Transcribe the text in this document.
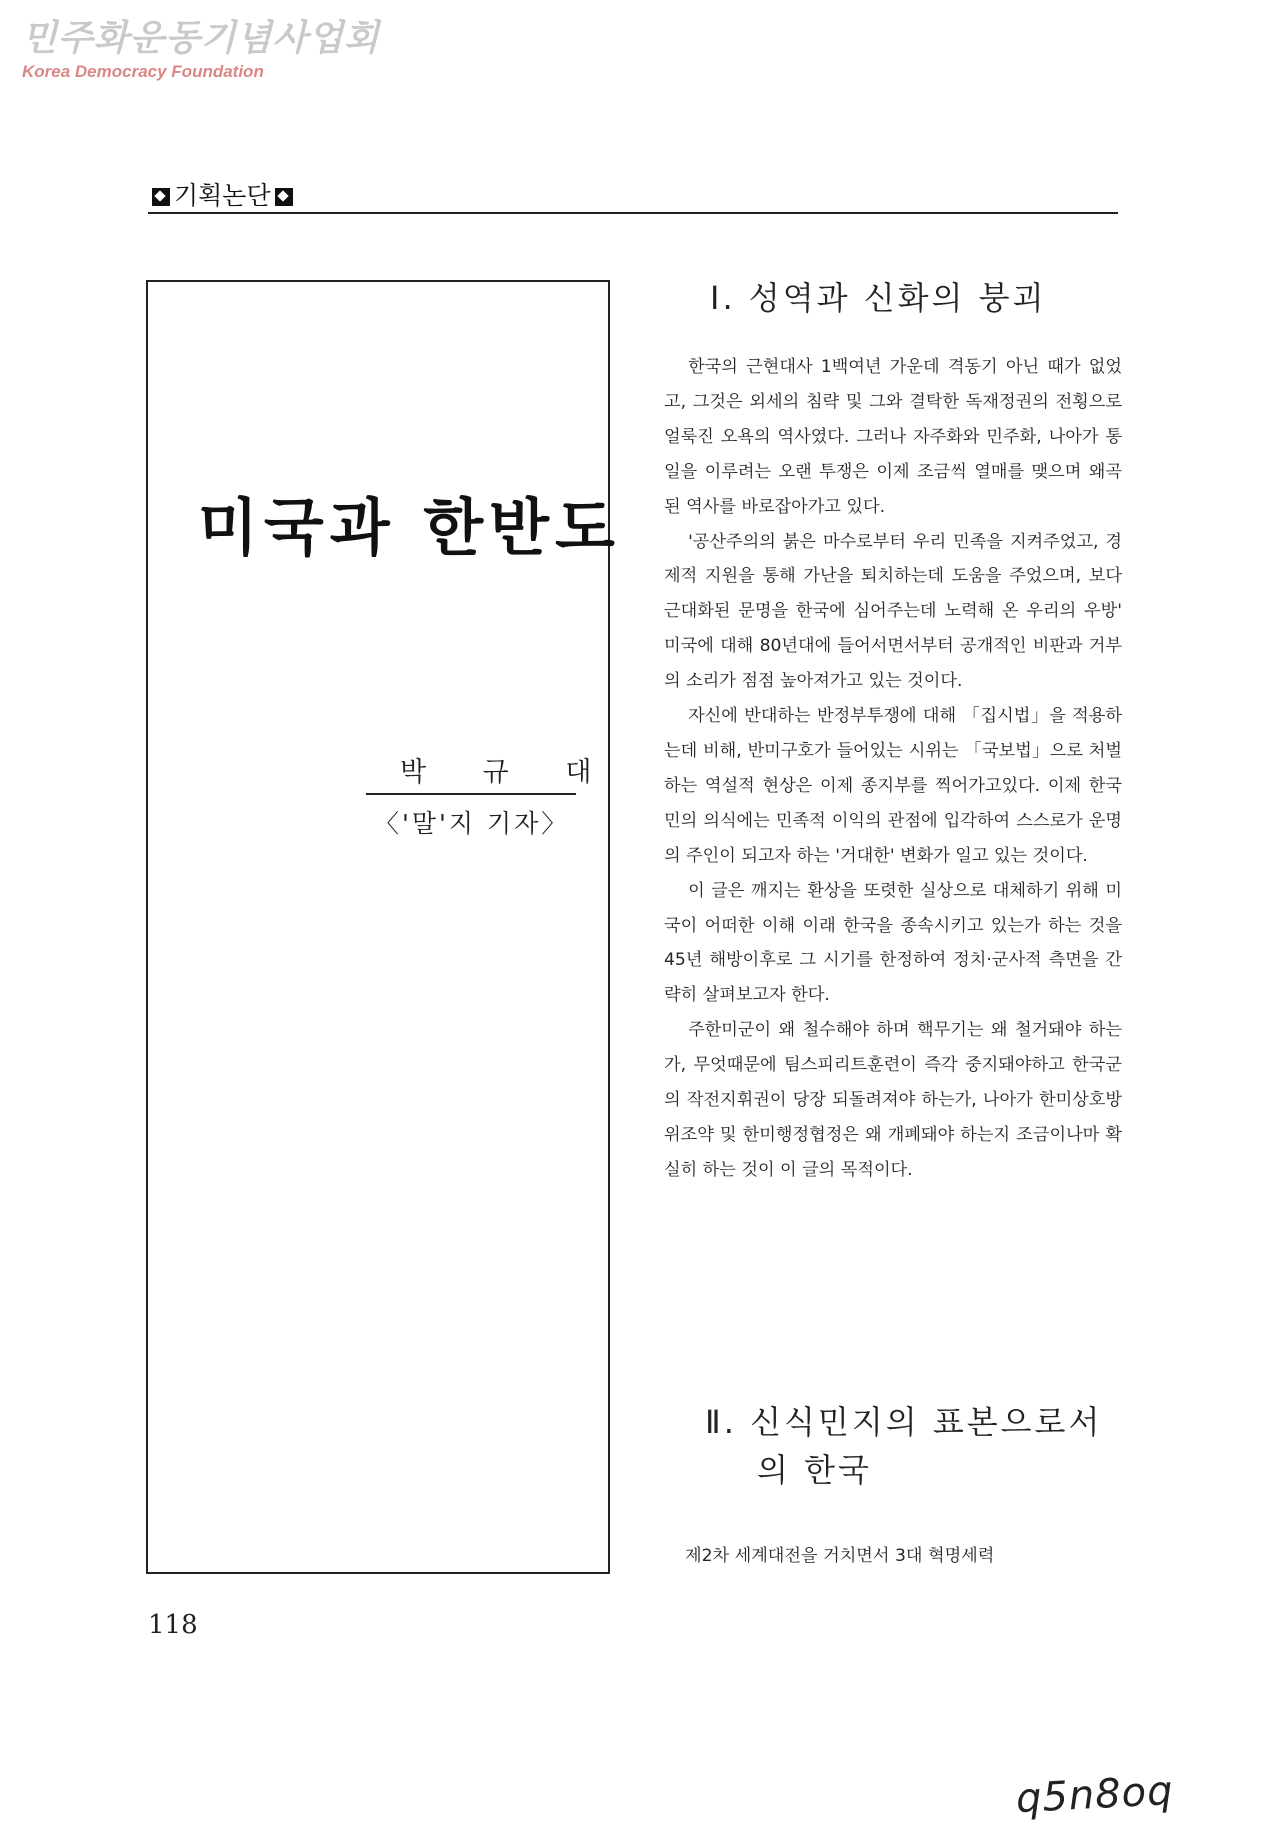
민주화운동기념사업회
Korea Democracy Foundation
기획논단
미국과 한반도
박 규 대
〈'말'지 기자〉
Ⅰ. 성역과 신화의 붕괴

한국의 근현대사 1백여년 가운데 격동기 아닌 때가 없었고, 그것은 외세의 침략 및 그와 결탁한 독재정권의 전횡으로 얼룩진 오욕의 역사였다. 그러나 자주화와 민주화, 나아가 통일을 이루려는 오랜 투쟁은 이제 조금씩 열매를 맺으며 왜곡된 역사를 바로잡아가고 있다.

'공산주의의 붉은 마수로부터 우리 민족을 지켜주었고, 경제적 지원을 통해 가난을 퇴치하는데 도움을 주었으며, 보다 근대화된 문명을 한국에 심어주는데 노력해 온 우리의 우방' 미국에 대해 80년대에 들어서면서부터 공개적인 비판과 거부의 소리가 점점 높아져가고 있는 것이다.

자신에 반대하는 반정부투쟁에 대해 「집시법」을 적용하는데 비해, 반미구호가 들어있는 시위는 「국보법」으로 처벌하는 역설적 현상은 이제 종지부를 찍어가고있다. 이제 한국민의 의식에는 민족적 이익의 관점에 입각하여 스스로가 운명의 주인이 되고자 하는 '거대한' 변화가 일고 있는 것이다.

이 글은 깨지는 환상을 또렷한 실상으로 대체하기 위해 미국이 어떠한 이해 이래 한국을 종속시키고 있는가 하는 것을 45년 해방이후로 그 시기를 한정하여 정치·군사적 측면을 간략히 살펴보고자 한다.

주한미군이 왜 철수해야 하며 핵무기는 왜 철거돼야 하는가, 무엇때문에 팀스피리트훈련이 즉각 중지돼야하고 한국군의 작전지휘권이 당장 되돌려져야 하는가, 나아가 한미상호방위조약 및 한미행정협정은 왜 개폐돼야 하는지 조금이나마 확실히 하는 것이 이 글의 목적이다.

Ⅱ. 신식민지의 표본으로서
의 한국
제2차 세계대전을 거치면서 3대 혁명세력
118
q5n8oq
